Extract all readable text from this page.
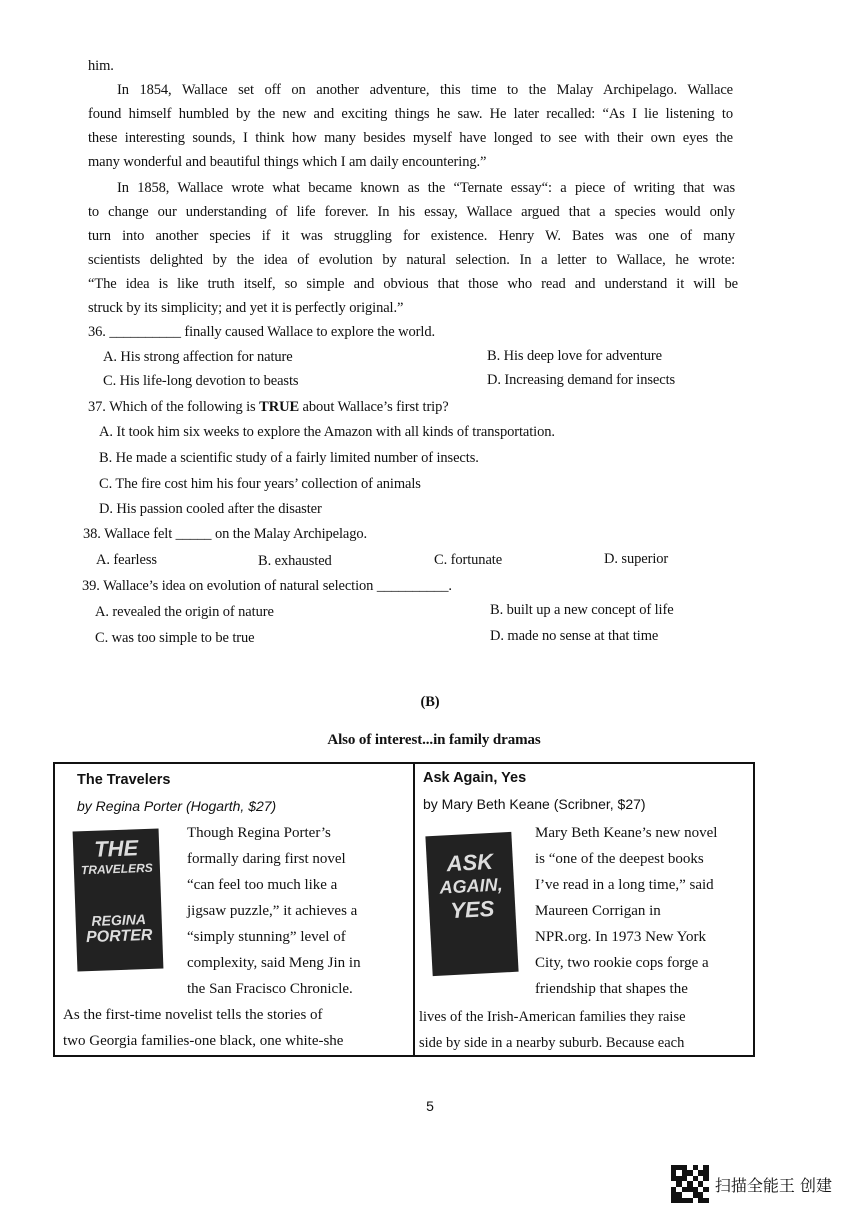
him.
In 1854, Wallace set off on another adventure, this time to the Malay Archipelago. Wallace
found himself humbled by the new and exciting things he saw. He later recalled: “As I lie listening to
these interesting sounds, I think how many besides myself have longed to see with their own eyes the
many wonderful and beautiful things which I am daily encountering.”
In 1858, Wallace wrote what became known as the “Ternate essay“: a piece of writing that was
to change our understanding of life forever. In his essay, Wallace argued that a species would only
turn into another species if it was struggling for existence. Henry W. Bates was one of many
scientists delighted by the idea of evolution by natural selection. In a letter to Wallace, he wrote:
“The idea is like truth itself, so simple and obvious that those who read and understand it will be
struck by its simplicity; and yet it is perfectly original.”
36. __________ finally caused Wallace to explore the world.
A. His strong affection for nature	B. His deep love for adventure
C. His life-long devotion to beasts	D. Increasing demand for insects
37. Which of the following is TRUE about Wallace’s first trip?
A. It took him six weeks to explore the Amazon with all kinds of transportation.
B. He made a scientific study of a fairly limited number of insects.
C. The fire cost him his four years’ collection of animals
D. His passion cooled after the disaster
38. Wallace felt _____ on the Malay Archipelago.
A. fearless	B. exhausted	C. fortunate	D. superior
39. Wallace’s idea on evolution of natural selection __________.
A. revealed the origin of nature	B. built up a new concept of life
C. was too simple to be true	D. made no sense at that time
(B)
Also of interest...in family dramas
The Travelers
by Regina Porter (Hogarth, $27)
THE
TRAVELERS
REGINA
PORTER
Though Regina Porter’s
formally daring first novel
“can feel too much like a
jigsaw puzzle,” it achieves a
“simply stunning” level of
complexity, said Meng Jin in
the San Fracisco Chronicle.
As the first-time novelist tells the stories of
two Georgia families-one black, one white-she
Ask Again, Yes
by Mary Beth Keane (Scribner, $27)
ASK
AGAIN,
YES
Mary Beth Keane’s new novel
is “one of the deepest books
I’ve read in a long time,” said
Maureen Corrigan in
NPR.org. In 1973 New York
City, two rookie cops forge a
friendship that shapes the
lives of the Irish-American families they raise
side by side in a nearby suburb. Because each
5
扫描全能王 创建
